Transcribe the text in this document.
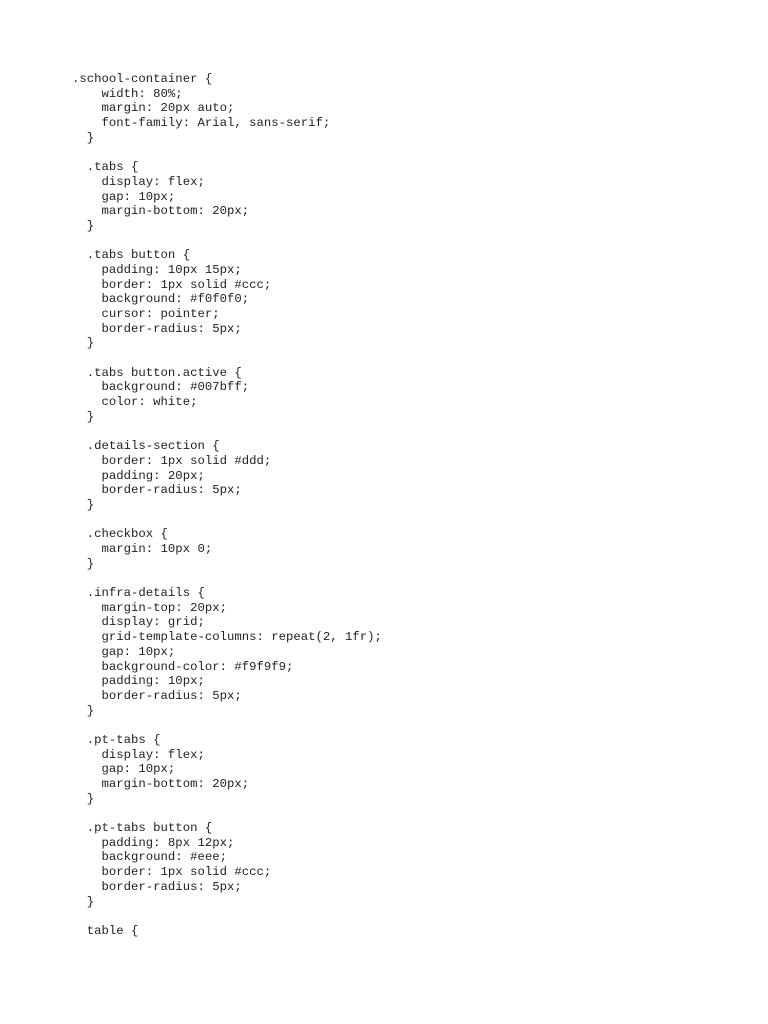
.school-container {
width: 80%;
margin: 20px auto;
font-family: Arial, sans-serif;
}

.tabs {
display: flex;
gap: 10px;
margin-bottom: 20px;
}

.tabs button {
padding: 10px 15px;
border: 1px solid #ccc;
background: #f0f0f0;
cursor: pointer;
border-radius: 5px;
}

.tabs button.active {
background: #007bff;
color: white;
}

.details-section {
border: 1px solid #ddd;
padding: 20px;
border-radius: 5px;
}

.checkbox {
margin: 10px 0;
}

.infra-details {
margin-top: 20px;
display: grid;
grid-template-columns: repeat(2, 1fr);
gap: 10px;
background-color: #f9f9f9;
padding: 10px;
border-radius: 5px;
}

.pt-tabs {
display: flex;
gap: 10px;
margin-bottom: 20px;
}

.pt-tabs button {
padding: 8px 12px;
background: #eee;
border: 1px solid #ccc;
border-radius: 5px;
}

table {
